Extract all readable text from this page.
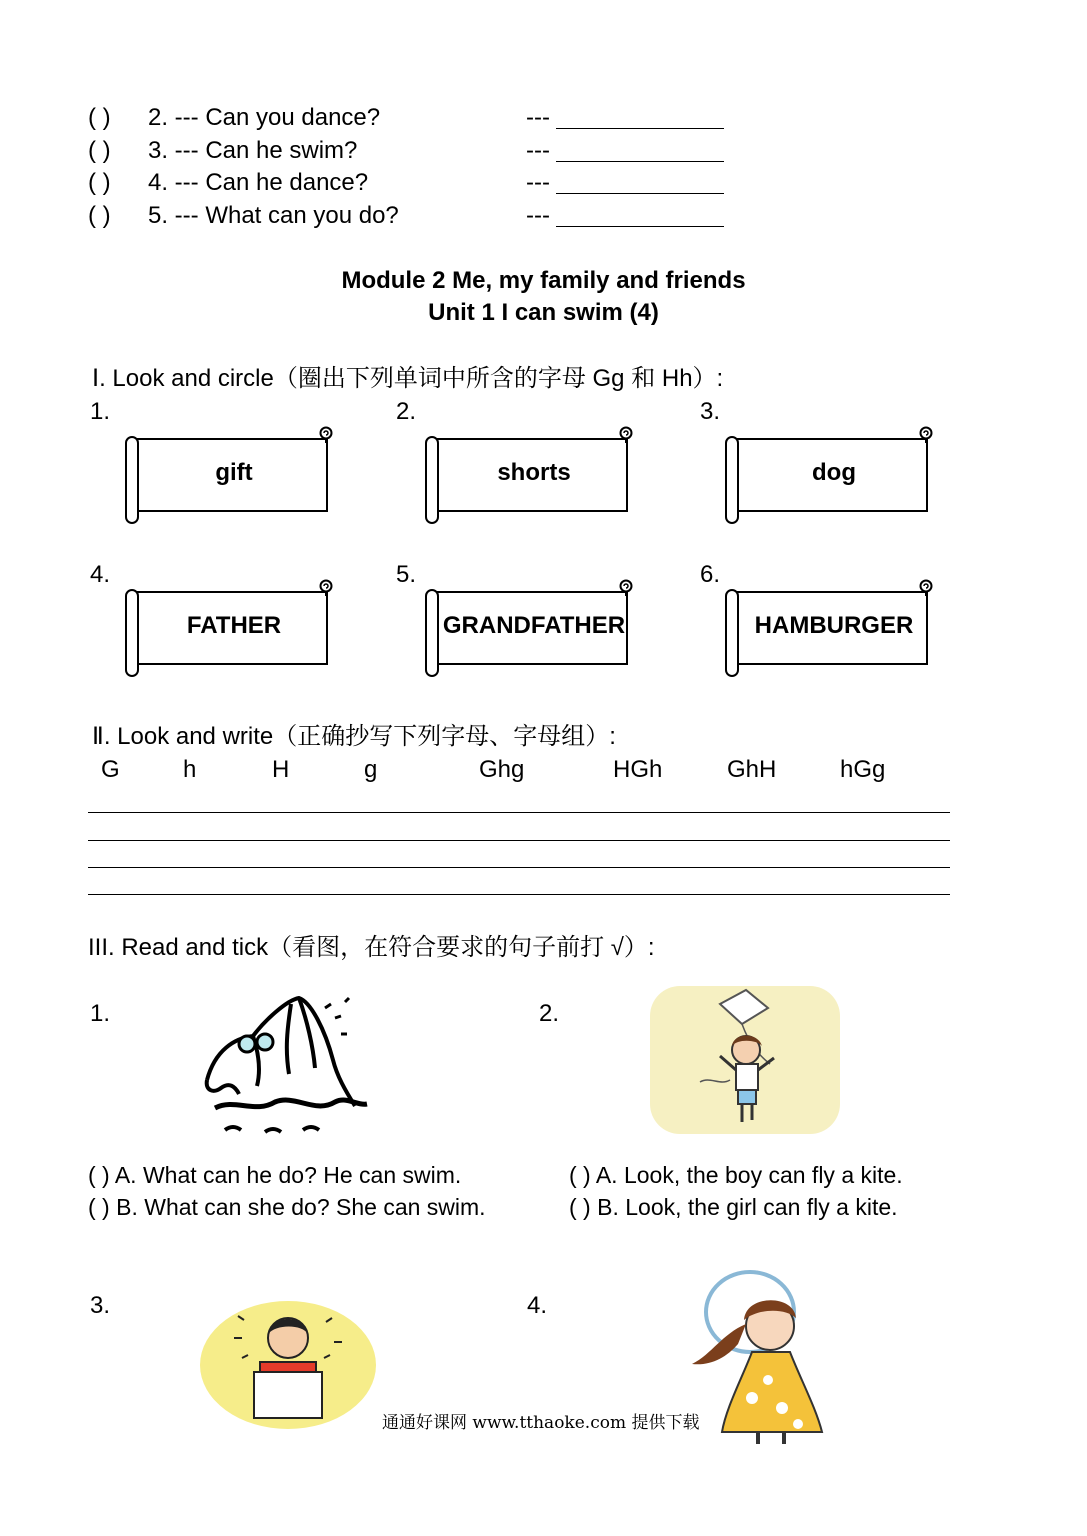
( ) 2. --- Can you dance?	---
( ) 3. --- Can he swim?	---
( ) 4. --- Can he dance?	---
( ) 5. --- What can you do?	---
Module 2 Me, my family and friends
Unit 1 I can swim (4)
Ⅰ. Look and circle（圈出下列单词中所含的字母 Gg 和 Hh）:
1.	2.	3.
4.	5.	6.
gift	shorts	dog
FATHER	GRANDFATHER	HAMBURGER
Ⅱ. Look and write（正确抄写下列字母、字母组）:
G	h	H	g	Ghg	HGh	GhH	hGg
III. Read and tick（看图，在符合要求的句子前打 √）:
1.	2.
( ) A. What can he do? He can swim.
( ) B. What can she do? She can swim.
( ) A. Look, the boy can fly a kite.
( ) B. Look, the girl can fly a kite.
3.	4.
通通好课网 www.tthaoke.com 提供下载
